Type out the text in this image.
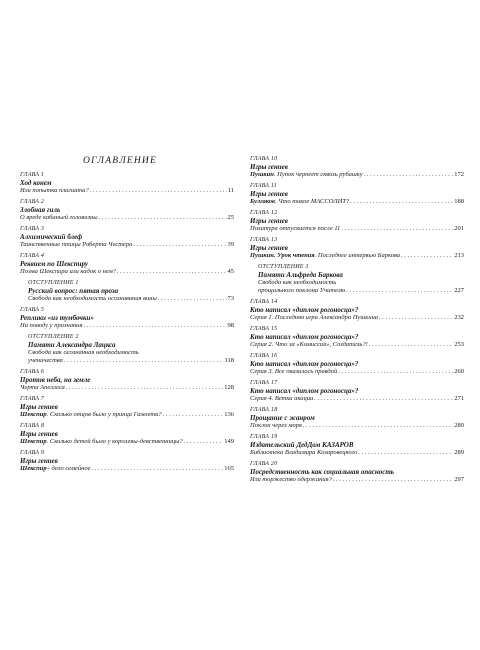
ОГЛАВЛЕНИЕ
ГЛАВА 1
Ход конем
Или попытка плагиата? . . .	11
ГЛАВА 2
Злобная гиль
О вреде кабаньей головизны . . .	25
ГЛАВА 3
Алхимический блеф
Таинственные птицы Роберта Честера . . .	39
ГЛАВА 4
Реквием по Шекспиру
Поэма Шекспира или кадок о нем? . . .	45
ОТСТУПЛЕНИЕ 1
Русский вопрос: пятая проза
Свобода как необходимость осознавания вины . . .	73
ГЛАВА 5
Реплики «из тумбочки»
На поводу у признания . . .	98
ОТСТУПЛЕНИЕ 2
Памяти Александра Лацкса
Свобода как осознанная необходимость
ученичества . . .	118
ГЛАВА 6
Против неба, на земле
Черта Апеллеса . . .	128
ГЛАВА 7
Игры гениев
Шекспир . Сколько отцов было у принца Гамлета? . . .	136
ГЛАВА 8
Игры гениев
Шекспир . Сколько детей было у королевы-девственницы? . . .	149
ГЛАВА 9
Игры гениев
Шекспир – дело семейное . . .	165
ГЛАВА 10
Игры гениев
Пушкин . Пупок чернеет сквозь рубашку . . .	172
ГЛАВА 11
Игры гениев
Булгаков . Что такое МАССОЛИТ? . . .	188
ГЛАВА 12
Игры гениев
Политура отпускается после 11 . . .	201
ГЛАВА 13
Игры гениев
Пушкин. Урок чтения . Последнее интервью Баркова . . .	213
ОТСТУПЛЕНИЕ 3
Памяти Альфреда Баркова
Свобода как необходимость
прощального поклона Учителю . . .	227
ГЛАВА 14
Кто написал «диплом рогоносца»?
Серия 1. Последняя игра Александра Пушкина . . .	232
ГЛАВА 15
Кто написал «диплом рогоносца»?
Серия 2. Что за «Комиссия», Создатель?! . . .	253
ГЛАВА 16
Кто написал «диплом рогоносца»?
Серия 3. Все оказалось правдой . . .	260
ГЛАВА 17
Кто написал «диплом рогоносца»?
Серия 4. Ветка акации . . .	271
ГЛАВА 18
Прощание с жанром
Поклон через моря . . .	280
ГЛАВА 19
Издательский ДедДом КАЗАРОВ
Библиотека Владимира Козаровецкого . . .	289
ГЛАВА 20
Посредственность как социальная опасность
Или торжество одержания? . . .	297
